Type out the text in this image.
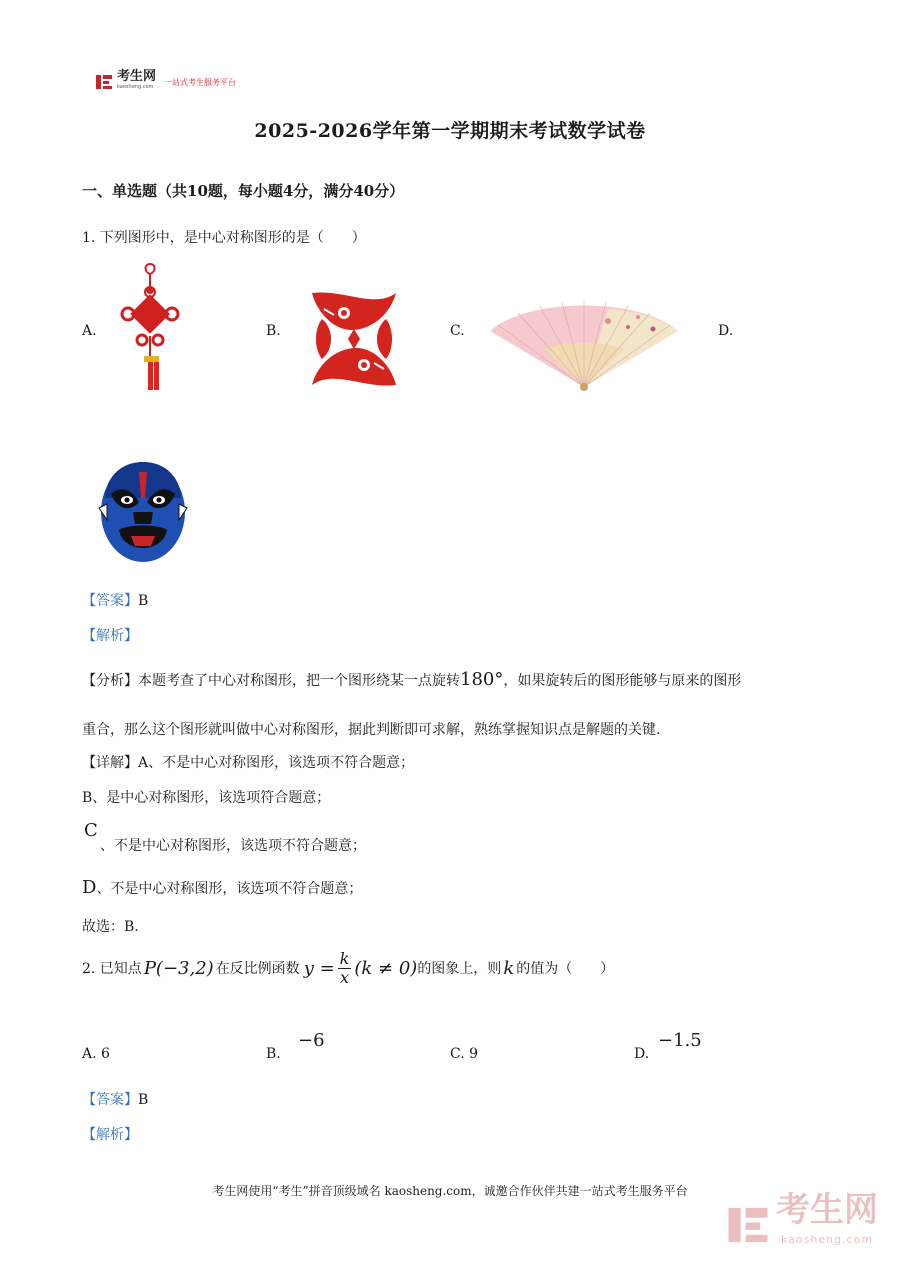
考生网
kaosheng.com
一站式考生服务平台
2025-2026学年第一学期期末考试数学试卷
一、单选题（共10题，每小题4分，满分40分）
1. 下列图形中，是中心对称图形的是（　　）
A.	B.	C.	D.
【答案】B
【解析】
【分析】本题考查了中心对称图形，把一个图形绕某一点旋转180°，如果旋转后的图形能够与原来的图形
重合，那么这个图形就叫做中心对称图形，据此判断即可求解，熟练掌握知识点是解题的关键.
【详解】A、不是中心对称图形，该选项不符合题意；
B、是中心对称图形，该选项符合题意；
C
、不是中心对称图形，该选项不符合题意；
D、不是中心对称图形，该选项不符合题意；
故选：B.
2. 已知点 P(−3,2) 在反比例函数 $y = \frac{k}{x} (k \ne 0)$ 的图象上，则 k 的值为（　　）
A. 6	B.
−6
C. 9	D.
−1.5
【答案】B
【解析】
考生网使用“考生”拼音顶级域名 kaosheng.com，诚邀合作伙伴共建一站式考生服务平台	考生网
kaosheng.com
